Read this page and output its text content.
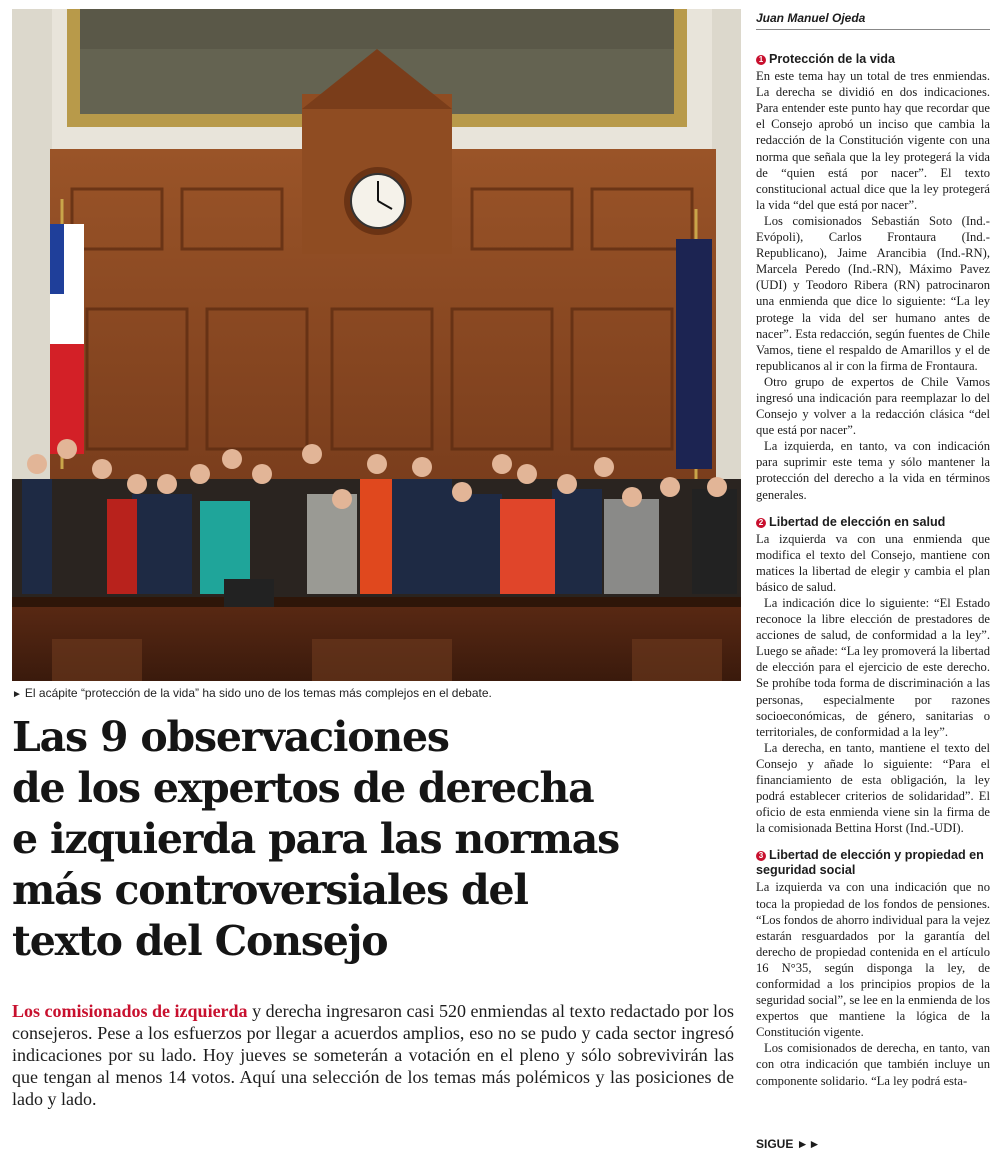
► El acápite “protección de la vida” ha sido uno de los temas más complejos en el debate.
Las 9 observaciones
de los expertos de derecha
e izquierda para las normas
más controversiales del
texto del Consejo

Los comisionados de izquierda y derecha ingresaron casi 520 enmiendas al texto redactado por los consejeros. Pese a los esfuerzos por llegar a acuerdos amplios, eso no se pudo y cada sector ingresó indicaciones por su lado. Hoy jueves se someterán a votación en el pleno y sólo sobrevivirán las que tengan al menos 14 votos. Aquí una selección de los temas más polémicos y las posiciones de lado y lado.

Juan Manuel Ojeda
1 Protección de la vida

En este tema hay un total de tres enmiendas. La derecha se dividió en dos indicaciones. Para entender este punto hay que recordar que el Consejo aprobó un inciso que cambia la redacción de la Constitución vigente con una norma que señala que la ley protegerá la vida de “quien está por nacer”. El texto constitucional actual dice que la ley protegerá la vida “del que está por nacer”.

Los comisionados Sebastián Soto (Ind.-Evópoli), Carlos Frontaura (Ind.-Republicano), Jaime Arancibia (Ind.-RN), Marcela Peredo (Ind.-RN), Máximo Pavez (UDI) y Teodoro Ribera (RN) patrocinaron una enmienda que dice lo siguiente: “La ley protege la vida del ser humano antes de nacer”. Esta redacción, según fuentes de Chile Vamos, tiene el respaldo de Amarillos y el de republicanos al ir con la firma de Frontaura.

Otro grupo de expertos de Chile Vamos ingresó una indicación para reemplazar lo del Consejo y volver a la redacción clásica “del que está por nacer”.

La izquierda, en tanto, va con indicación para suprimir este tema y sólo mantener la protección del derecho a la vida en términos generales.

2 Libertad de elección en salud

La izquierda va con una enmienda que modifica el texto del Consejo, mantiene con matices la libertad de elegir y cambia el plan básico de salud.

La indicación dice lo siguiente: “El Estado reconoce la libre elección de prestadores de acciones de salud, de conformidad a la ley”. Luego se añade: “La ley promoverá la libertad de elección para el ejercicio de este derecho. Se prohíbe toda forma de discriminación a las personas, especialmente por razones socioeconómicas, de género, sanitarias o territoriales, de conformidad a la ley”.

La derecha, en tanto, mantiene el texto del Consejo y añade lo siguiente: “Para el financiamiento de esta obligación, la ley podrá establecer criterios de solidaridad”. El oficio de esta enmienda viene sin la firma de la comisionada Bettina Horst (Ind.-UDI).

3 Libertad de elección y propiedad en seguridad social

La izquierda va con una indicación que no toca la propiedad de los fondos de pensiones. “Los fondos de ahorro individual para la vejez estarán resguardados por la garantía del derecho de propiedad contenida en el artículo 16 N°35, según disponga la ley, de conformidad a los principios propios de la seguridad social”, se lee en la enmienda de los expertos que mantiene la lógica de la Constitución vigente.

Los comisionados de derecha, en tanto, van con otra indicación que también incluye un componente solidario. “La ley podrá esta-

SIGUE ►►
